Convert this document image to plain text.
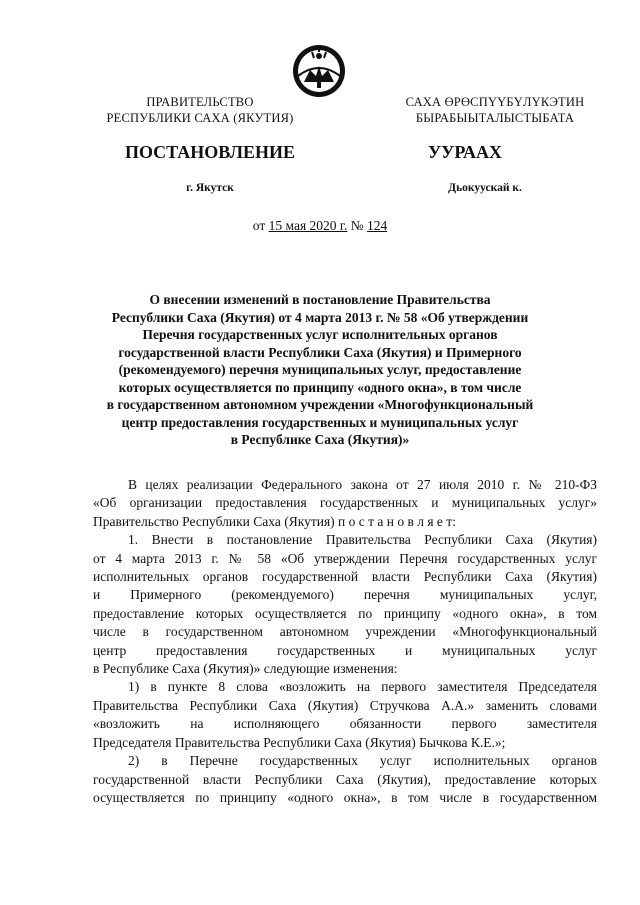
ПРАВИТЕЛЬСТВО
РЕСПУБЛИКИ САХА (ЯКУТИЯ)
САХА ӨРӨСПҮҮБҮЛҮКЭТИН
БЫРАБЫЫТАЛЫСТЫБАТА
ПОСТАНОВЛЕНИЕ	УУРААХ
г. Якутск	Дьокуускай к.
от 15 мая 2020 г. № 124
О внесении изменений в постановление Правительства
Республики Саха (Якутия) от 4 марта 2013 г. № 58 «Об утверждении
Перечня государственных услуг исполнительных органов
государственной власти Республики Саха (Якутия) и Примерного
(рекомендуемого) перечня муниципальных услуг, предоставление
которых осуществляется по принципу «одного окна», в том числе
в государственном автономном учреждении «Многофункциональный
центр предоставления государственных и муниципальных услуг
в Республике Саха (Якутия)»

В целях реализации Федерального закона от 27 июля 2010 г. № 210-ФЗ
«Об организации предоставления государственных и муниципальных услуг»
Правительство Республики Саха (Якутия) п о с т а н о в л я е т:

1. Внести в постановление Правительства Республики Саха (Якутия)
от 4 марта 2013 г. № 58 «Об утверждении Перечня государственных услуг
исполнительных органов государственной власти Республики Саха (Якутия)
и Примерного (рекомендуемого) перечня муниципальных услуг,
предоставление которых осуществляется по принципу «одного окна», в том
числе в государственном автономном учреждении «Многофункциональный
центр предоставления государственных и муниципальных услуг
в Республике Саха (Якутия)» следующие изменения:

1) в пункте 8 слова «возложить на первого заместителя Председателя
Правительства Республики Саха (Якутия) Стручкова А.А.» заменить словами
«возложить на исполняющего обязанности первого заместителя
Председателя Правительства Республики Саха (Якутия) Бычкова К.Е.»;

2) в Перечне государственных услуг исполнительных органов
государственной власти Республики Саха (Якутия), предоставление которых
осуществляется по принципу «одного окна», в том числе в государственном
